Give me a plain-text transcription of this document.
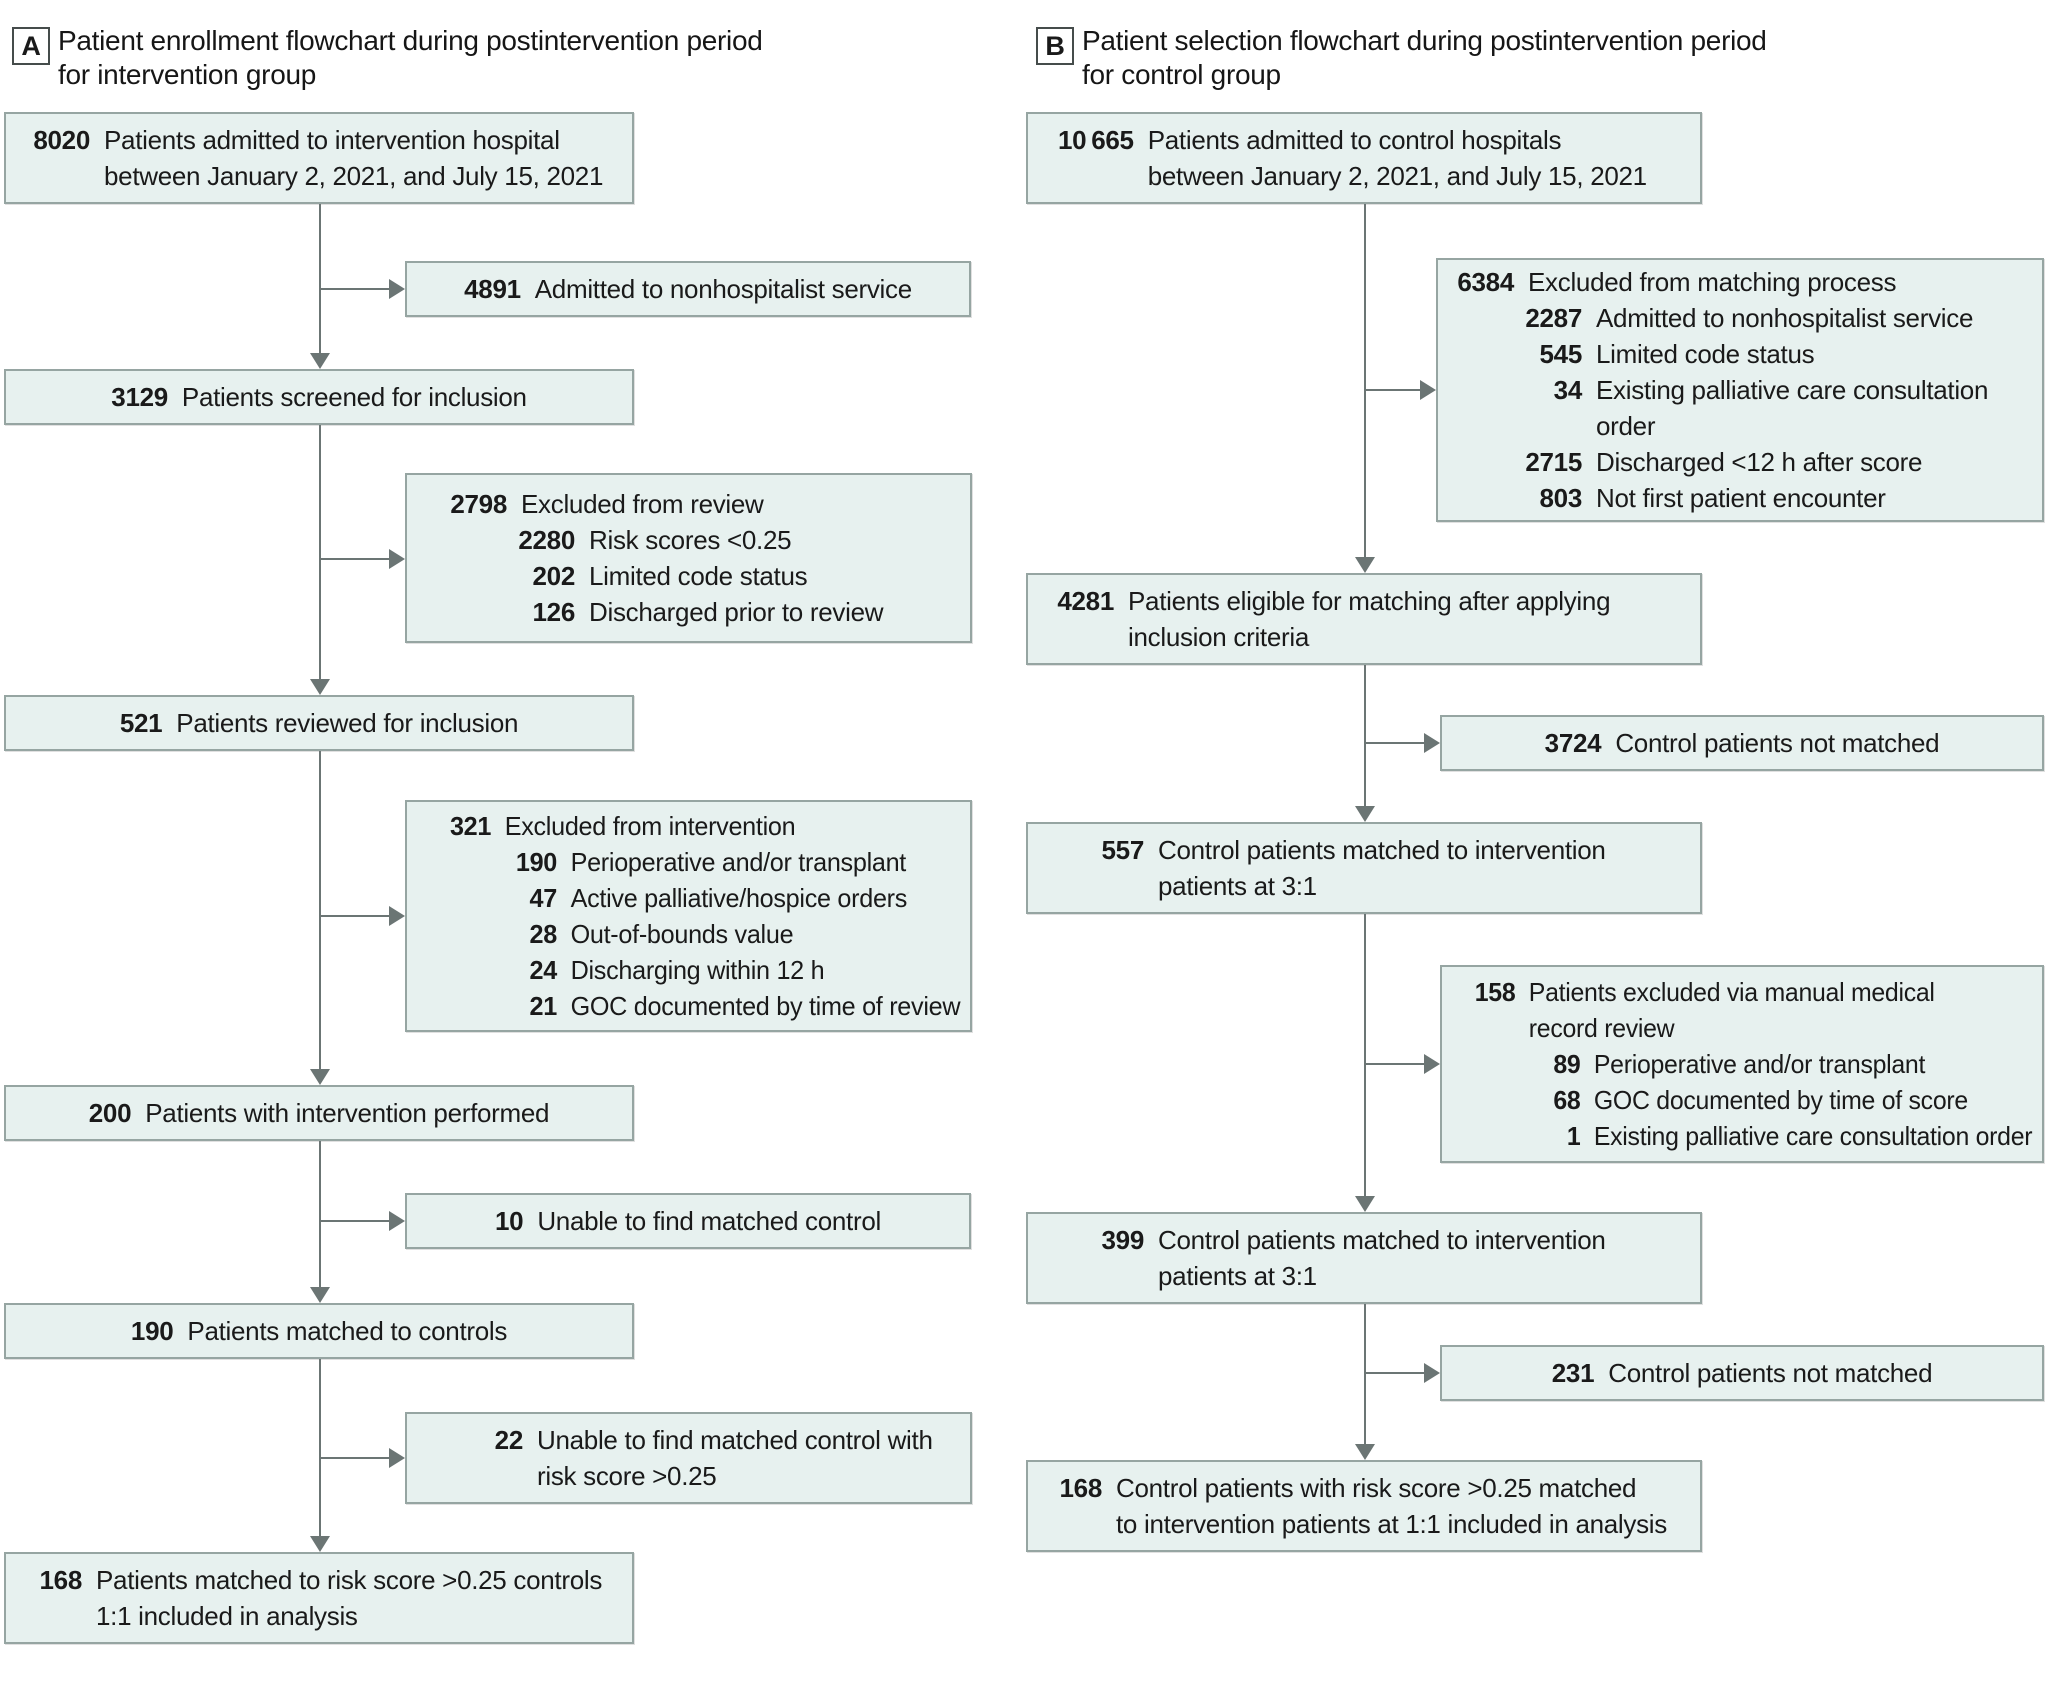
A Patient enrollment flowchart during postintervention period
for intervention group
B Patient selection flowchart during postintervention period
for control group
8020 Patients admitted to intervention hospital
between January 2, 2021, and July 15, 2021
4891 Admitted to nonhospitalist service
3129 Patients screened for inclusion
2798 Excluded from review
2280 Risk scores <0.25
202 Limited code status
126 Discharged prior to review
521 Patients reviewed for inclusion
321 Excluded from intervention
190 Perioperative and/or transplant
47 Active palliative/hospice orders
28 Out-of-bounds value
24 Discharging within 12 h
21 GOC documented by time of review
200 Patients with intervention performed
10 Unable to find matched control
190 Patients matched to controls
22 Unable to find matched control with
risk score >0.25
168 Patients matched to risk score >0.25 controls
1:1 included in analysis
10 665 Patients admitted to control hospitals
between January 2, 2021, and July 15, 2021
6384 Excluded from matching process
2287 Admitted to nonhospitalist service
545 Limited code status
34 Existing palliative care consultation
order
2715 Discharged <12 h after score
803 Not first patient encounter
4281 Patients eligible for matching after applying
inclusion criteria
3724 Control patients not matched
557 Control patients matched to intervention
patients at 3:1
158 Patients excluded via manual medical
record review
89 Perioperative and/or transplant
68 GOC documented by time of score
1 Existing palliative care consultation order
399 Control patients matched to intervention
patients at 3:1
231 Control patients not matched
168 Control patients with risk score >0.25 matched
to intervention patients at 1:1 included in analysis
